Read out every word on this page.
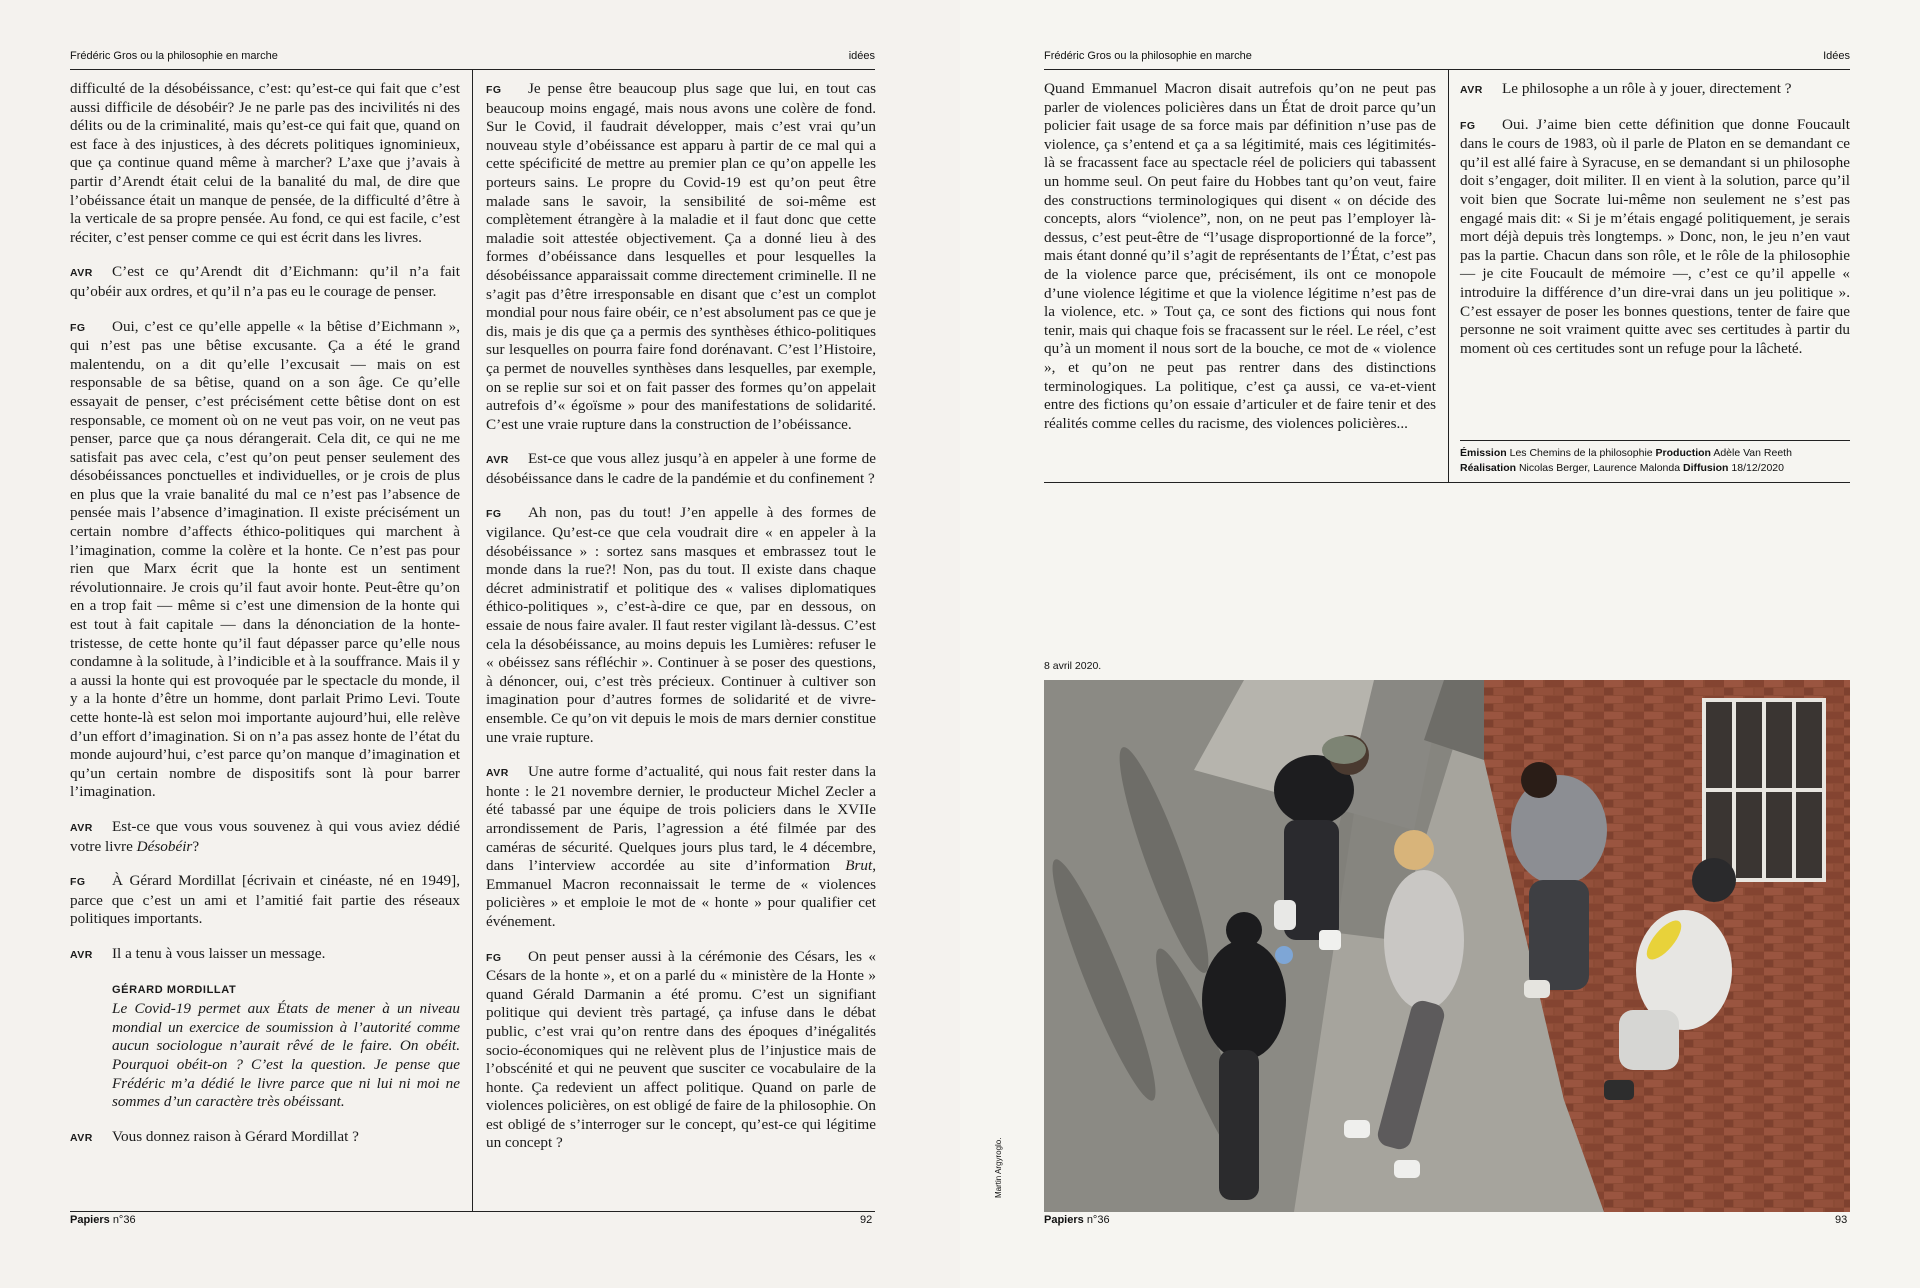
Frédéric Gros ou la philosophie en marche	idées

difficulté de la désobéissance, c’est: qu’est-ce qui fait que c’est aussi difficile de désobéir? Je ne parle pas des incivilités ni des délits ou de la criminalité, mais qu’est-ce qui fait que, quand on est face à des injustices, à des décrets politiques ignominieux, que ça continue quand même à marcher? L’axe que j’avais à partir d’Arendt était celui de la banalité du mal, de dire que l’obéissance était un manque de pensée, de la difficulté d’être à la verticale de sa propre pensée. Au fond, ce qui est facile, c’est réciter, c’est penser comme ce qui est écrit dans les livres.

AVR C’est ce qu’Arendt dit d’Eichmann: qu’il n’a fait qu’obéir aux ordres, et qu’il n’a pas eu le courage de penser.

FG Oui, c’est ce qu’elle appelle « la bêtise d’Eichmann », qui n’est pas une bêtise excusante. Ça a été le grand malentendu, on a dit qu’elle l’excusait — mais on est responsable de sa bêtise, quand on a son âge. Ce qu’elle essayait de penser, c’est précisément cette bêtise dont on est responsable, ce moment où on ne veut pas voir, on ne veut pas penser, parce que ça nous dérangerait. Cela dit, ce qui ne me satisfait pas avec cela, c’est qu’on peut penser seulement des désobéissances ponctuelles et individuelles, or je crois de plus en plus que la vraie banalité du mal ce n’est pas l’absence de pensée mais l’absence d’imagination. Il existe précisément un certain nombre d’affects éthico-politiques qui marchent à l’imagination, comme la colère et la honte. Ce n’est pas pour rien que Marx écrit que la honte est un sentiment révolutionnaire. Je crois qu’il faut avoir honte. Peut-être qu’on en a trop fait — même si c’est une dimension de la honte qui est tout à fait capitale — dans la dénonciation de la honte-tristesse, de cette honte qu’il faut dépasser parce qu’elle nous condamne à la solitude, à l’indicible et à la souffrance. Mais il y a aussi la honte qui est provoquée par le spectacle du monde, il y a la honte d’être un homme, dont parlait Primo Levi. Toute cette honte-là est selon moi importante aujourd’hui, elle relève d’un effort d’imagination. Si on n’a pas assez honte de l’état du monde aujourd’hui, c’est parce qu’on manque d’imagination et qu’un certain nombre de dispositifs sont là pour barrer l’imagination.

AVR Est-ce que vous vous souvenez à qui vous aviez dédié votre livre Désobéir?

FG À Gérard Mordillat [écrivain et cinéaste, né en 1949], parce que c’est un ami et l’amitié fait partie des réseaux politiques importants.

AVR Il a tenu à vous laisser un message.

GÉRARD MORDILLAT
Le Covid-19 permet aux États de mener à un niveau mondial un exercice de soumission à l’autorité comme aucun sociologue n’aurait rêvé de le faire. On obéit. Pourquoi obéit-on ? C’est la question. Je pense que Frédéric m’a dédié le livre parce que ni lui ni moi ne sommes d’un caractère très obéissant.

AVR Vous donnez raison à Gérard Mordillat ?

FG Je pense être beaucoup plus sage que lui, en tout cas beaucoup moins engagé, mais nous avons une colère de fond. Sur le Covid, il faudrait développer, mais c’est vrai qu’un nouveau style d’obéissance est apparu à partir de ce mal qui a cette spécificité de mettre au premier plan ce qu’on appelle les porteurs sains. Le propre du Covid-19 est qu’on peut être malade sans le savoir, la sensibilité de soi-même est complètement étrangère à la maladie et il faut donc que cette maladie soit attestée objectivement. Ça a donné lieu à des formes d’obéissance dans lesquelles et pour lesquelles la désobéissance apparaissait comme directement criminelle. Il ne s’agit pas d’être irresponsable en disant que c’est un complot mondial pour nous faire obéir, ce n’est absolument pas ce que je dis, mais je dis que ça a permis des synthèses éthico-politiques sur lesquelles on pourra faire fond dorénavant. C’est l’Histoire, ça permet de nouvelles synthèses dans lesquelles, par exemple, on se replie sur soi et on fait passer des formes qu’on appelait autrefois d’« égoïsme » pour des manifestations de solidarité. C’est une vraie rupture dans la construction de l’obéissance.

AVR Est-ce que vous allez jusqu’à en appeler à une forme de désobéissance dans le cadre de la pandémie et du confinement ?

FG Ah non, pas du tout! J’en appelle à des formes de vigilance. Qu’est-ce que cela voudrait dire « en appeler à la désobéissance » : sortez sans masques et embrassez tout le monde dans la rue?! Non, pas du tout. Il existe dans chaque décret administratif et politique des « valises diplomatiques éthico-politiques », c’est-à-dire ce que, par en dessous, on essaie de nous faire avaler. Il faut rester vigilant là-dessus. C’est cela la désobéissance, au moins depuis les Lumières: refuser le « obéissez sans réfléchir ». Continuer à se poser des questions, à dénoncer, oui, c’est très précieux. Continuer à cultiver son imagination pour d’autres formes de solidarité et de vivre-ensemble. Ce qu’on vit depuis le mois de mars dernier constitue une vraie rupture.

AVR Une autre forme d’actualité, qui nous fait rester dans la honte : le 21 novembre dernier, le producteur Michel Zecler a été tabassé par une équipe de trois policiers dans le XVIIe arrondissement de Paris, l’agression a été filmée par des caméras de sécurité. Quelques jours plus tard, le 4 décembre, dans l’interview accordée au site d’information Brut, Emmanuel Macron reconnaissait le terme de « violences policières » et emploie le mot de « honte » pour qualifier cet événement.

FG On peut penser aussi à la cérémonie des Césars, les « Césars de la honte », et on a parlé du « ministère de la Honte » quand Gérald Darmanin a été promu. C’est un signifiant politique qui devient très partagé, ça infuse dans le débat public, c’est vrai qu’on rentre dans des époques d’inégalités socio-économiques qui ne relèvent plus de l’injustice mais de l’obscénité et qui ne peuvent que susciter ce vocabulaire de la honte. Ça redevient un affect politique. Quand on parle de violences policières, on est obligé de faire de la philosophie. On est obligé de s’interroger sur le concept, qu’est-ce qui légitime un concept ?

Papiers n°36	92
Frédéric Gros ou la philosophie en marche	Idées

Quand Emmanuel Macron disait autrefois qu’on ne peut pas parler de violences policières dans un État de droit parce qu’un policier fait usage de sa force mais par définition n’use pas de violence, ça s’entend et ça a sa légitimité, mais ces légitimités-là se fracassent face au spectacle réel de policiers qui tabassent un homme seul. On peut faire du Hobbes tant qu’on veut, faire des constructions terminologiques qui disent « on décide des concepts, alors “violence”, non, on ne peut pas l’employer là-dessus, c’est peut-être de “l’usage disproportionné de la force”, mais étant donné qu’il s’agit de représentants de l’État, c’est pas de la violence parce que, précisément, ils ont ce monopole d’une violence légitime et que la violence légitime n’est pas de la violence, etc. » Tout ça, ce sont des fictions qui nous font tenir, mais qui chaque fois se fracassent sur le réel. Le réel, c’est qu’à un moment il nous sort de la bouche, ce mot de « violence », et qu’on ne peut pas rentrer dans des distinctions terminologiques. La politique, c’est ça aussi, ce va-et-vient entre des fictions qu’on essaie d’articuler et de faire tenir et des réalités comme celles du racisme, des violences policières...

AVR Le philosophe a un rôle à y jouer, directement ?

FG Oui. J’aime bien cette définition que donne Foucault dans le cours de 1983, où il parle de Platon en se demandant ce qu’il est allé faire à Syracuse, en se demandant si un philosophe doit s’engager, doit militer. Il en vient à la solution, parce qu’il voit bien que Socrate lui-même non seulement ne s’est pas engagé mais dit: « Si je m’étais engagé politiquement, je serais mort déjà depuis très longtemps. » Donc, non, le jeu n’en vaut pas la partie. Chacun dans son rôle, et le rôle de la philosophie — je cite Foucault de mémoire —, c’est ce qu’il appelle « introduire la différence d’un dire-vrai dans un jeu politique ». C’est essayer de poser les bonnes questions, tenter de faire que personne ne soit vraiment quitte avec ses certitudes à partir du moment où ces certitudes sont un refuge pour la lâcheté.

Émission Les Chemins de la philosophie Production Adèle Van Reeth
Réalisation Nicolas Berger, Laurence Malonda Diffusion 18/12/2020
8 avril 2020.
Martin Argyroglo.
Papiers n°36	93
